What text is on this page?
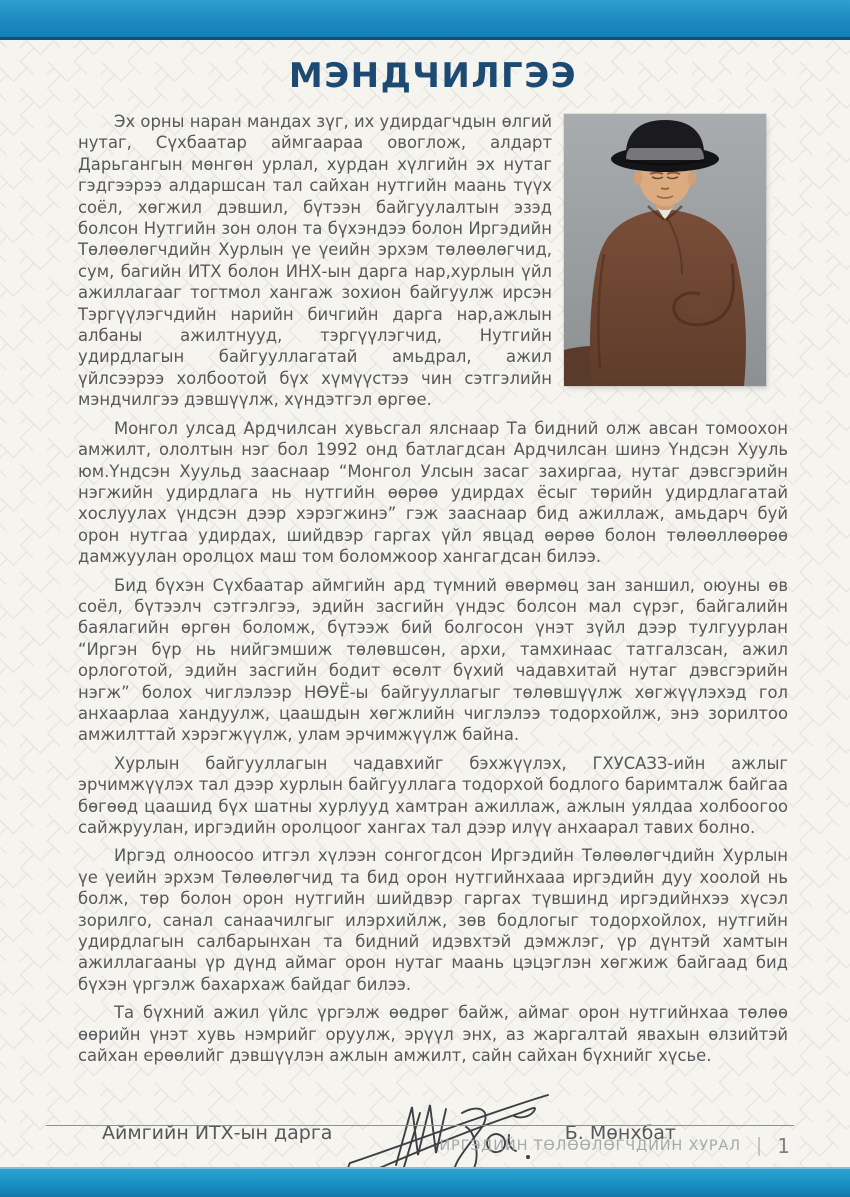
МЭНДЧИЛГЭЭ

Эх орны наран мандах зүг, их удирдагчдын өлгий нутаг, Сүхбаатар аймгаараа овоглож, алдарт Дарьгангын мөнгөн урлал, хурдан хүлгийн эх нутаг гэдгээрээ алдаршсан тал сайхан нутгийн маань түүх соёл, хөгжил дэвшил, бүтээн байгуулалтын эзэд болсон Нутгийн зон олон та бүхэндээ болон Иргэдийн Төлөөлөгчдийн Хурлын үе үеийн эрхэм төлөөлөгчид, сум, багийн ИТХ болон ИНХ-ын дарга нар,хурлын үйл ажиллагааг тогтмол хангаж зохион байгуулж ирсэн Тэргүүлэгчдийн нарийн бичгийн дарга нар,ажлын албаны ажилтнууд, тэргүүлэгчид, Нутгийн удирдлагын байгууллагатай амьдрал, ажил үйлсээрээ холбоотой бүх хүмүүстээ чин сэтгэлийн мэндчилгээ дэвшүүлж, хүндэтгэл өргөе.

Монгол улсад Ардчилсан хувьсгал ялснаар Та бидний олж авсан томоохон амжилт, ололтын нэг бол 1992 онд батлагдсан Ардчилсан шинэ Үндсэн Хууль юм.Үндсэн Хуульд зааснаар “Монгол Улсын засаг захиргаа, нутаг дэвсгэрийн нэгжийн удирдлага нь нутгийн өөрөө удирдах ёсыг төрийн удирдлагатай хослуулах үндсэн дээр хэрэгжинэ” гэж зааснаар бид ажиллаж, амьдарч буй орон нутгаа удирдах, шийдвэр гаргах үйл явцад өөрөө болон төлөөллөөрөө дамжуулан оролцох маш том боломжоор хангагдсан билээ.

Бид бүхэн Сүхбаатар аймгийн ард түмний өвөрмөц зан заншил, оюуны өв соёл, бүтээлч сэтгэлгээ, эдийн засгийн үндэс болсон мал сүрэг, байгалийн баялагийн өргөн боломж, бүтээж бий болгосон үнэт зүйл дээр тулгуурлан “Иргэн бүр нь нийгэмшиж төлөвшсөн, архи, тамхинаас татгалзсан, ажил орлоготой, эдийн засгийн бодит өсөлт бүхий чадавхитай нутаг дэвсгэрийн нэгж” болох чиглэлээр НӨУЁ-ы байгууллагыг төлөвшүүлж хөгжүүлэхэд гол анхаарлаа хандуулж, цаашдын хөгжлийн чиглэлээ тодорхойлж, энэ зорилтоо амжилттай хэрэгжүүлж, улам эрчимжүүлж байна.

Хурлын байгууллагын чадавхийг бэхжүүлэх, ГХУСАЗЗ-ийн ажлыг эрчимжүүлэх тал дээр хурлын байгууллага тодорхой бодлого баримталж байгаа бөгөөд цаашид бүх шатны хурлууд хамтран ажиллаж, ажлын уялдаа холбоогоо сайжруулан, иргэдийн оролцоог хангах тал дээр илүү анхаарал тавих болно.

Иргэд олноосоо итгэл хүлээн сонгогдсон Иргэдийн Төлөөлөгчдийн Хурлын үе үеийн эрхэм Төлөөлөгчид та бид орон нутгийнхааа иргэдийн дуу хоолой нь болж, төр болон орон нутгийн шийдвэр гаргах түвшинд иргэдийнхээ хүсэл зорилго, санал санаачилгыг илэрхийлж, зөв бодлогыг тодорхойлох, нутгийн удирдлагын салбарынхан та бидний идэвхтэй дэмжлэг, үр дүнтэй хамтын ажиллагааны үр дүнд аймаг орон нутаг маань цэцэглэн хөгжиж байгаад бид бүхэн үргэлж бахархаж байдаг билээ.

Та бүхний ажил үйлс үргэлж өөдрөг байж, аймаг орон нутгийнхаа төлөө өөрийн үнэт хувь нэмрийг оруулж, эрүүл энх, аз жаргалтай явахын өлзийтэй сайхан ерөөлийг дэвшүүлэн ажлын амжилт, сайн сайхан бүхнийг хүсье.

Аймгийн ИТХ-ын дарга	Б. Мөнхбат
ИРГЭДИЙН ТӨЛӨӨЛӨГЧДИЙН ХУРАЛ | 1
